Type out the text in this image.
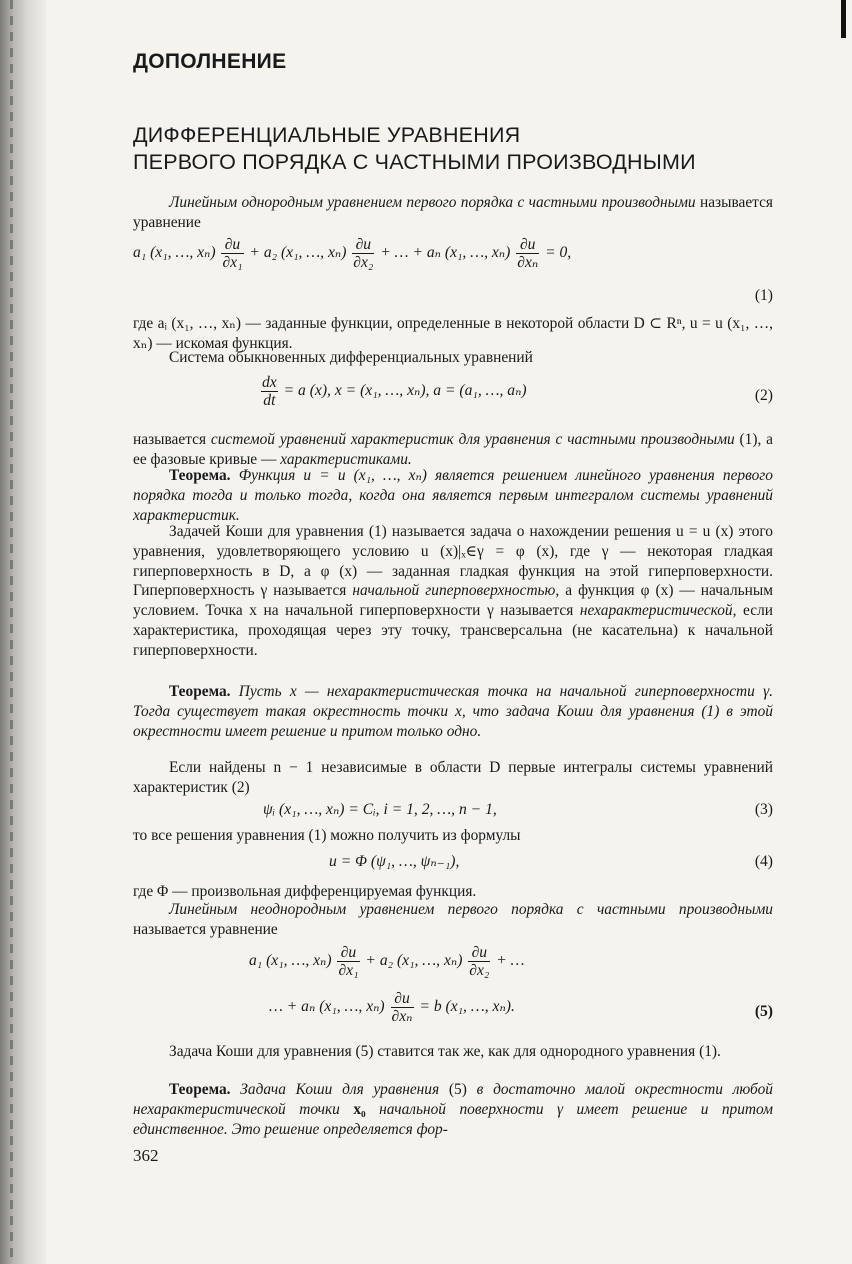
ДОПОЛНЕНИЕ
ДИФФЕРЕНЦИАЛЬНЫЕ УРАВНЕНИЯ
ПЕРВОГО ПОРЯДКА С ЧАСТНЫМИ ПРОИЗВОДНЫМИ

Линейным однородным уравнением первого порядка с частными производными называется уравнение

a₁ (x₁, …, $x_n) \frac{\partial u}{\text{∂x₁}} + a_2$ (x₁, …, $x_n) \frac{\partial u}{\text{∂x₂}}$ + … + aₙ (x₁, …, $x_n) \frac{\partial u}{\text{∂xₙ}} = 0$,
(1)

где aᵢ (x₁, …, xₙ) — заданные функции, определенные в некоторой области D ⊂ Rⁿ, u = u (x₁, …, xₙ) — искомая функция.

Система обыкновенных дифференциальных уравнений

$\frac{dx}{dt} = a$ (x), x = (x₁, …, xₙ), a = (a₁, …, aₙ)	(2)

называется системой уравнений характеристик для уравнения с частными производными (1), а ее фазовые кривые — характеристиками.

Теорема. Функция u = u (x₁, …, xₙ) является решением линейного уравнения первого порядка тогда и только тогда, когда она является первым интегралом системы уравнений характеристик.

Задачей Коши для уравнения (1) называется задача о нахождении решения u = u (x) этого уравнения, удовлетворяющего условию u (x)|ₓ∈γ = φ (x), где γ — некоторая гладкая гиперповерхность в D, а φ (x) — заданная гладкая функция на этой гиперповерхности. Гиперповерхность γ называется начальной гиперповерхностью, а функция φ (x) — начальным условием. Точка x на начальной гиперповерхности γ называется нехарактеристической, если характеристика, проходящая через эту точку, трансверсальна (не касательна) к начальной гиперповерхности.

Теорема. Пусть x — нехарактеристическая точка на начальной гиперповерхности γ. Тогда существует такая окрестность точки x, что задача Коши для уравнения (1) в этой окрестности имеет решение и притом только одно.

Если найдены n − 1 независимые в области D первые интегралы системы уравнений характеристик (2)

ψᵢ (x₁, …, xₙ) = Cᵢ, i = 1, 2, …, n − 1,	(3)

то все решения уравнения (1) можно получить из формулы

u = Φ (ψ₁, …, ψₙ₋₁),	(4)

где Φ — произвольная дифференцируемая функция.

Линейным неоднородным уравнением первого порядка с частными производными называется уравнение

a₁ (x₁, …, $x_n) \frac{\partial u}{\text{∂x₁}} + a_2$ (x₁, …, $x_n) \frac{\partial u}{\text{∂x₂}}$ + …
… + aₙ (x₁, …, $x_n) \frac{\partial u}{\text{∂xₙ}} = b$ (x₁, …, xₙ).	(5)

Задача Коши для уравнения (5) ставится так же, как для однородного уравнения (1).

Теорема. Задача Коши для уравнения (5) в достаточно малой окрестности любой нехарактеристической точки x₀ начальной поверхности γ имеет решение и притом единственное. Это решение определяется фор-

362
